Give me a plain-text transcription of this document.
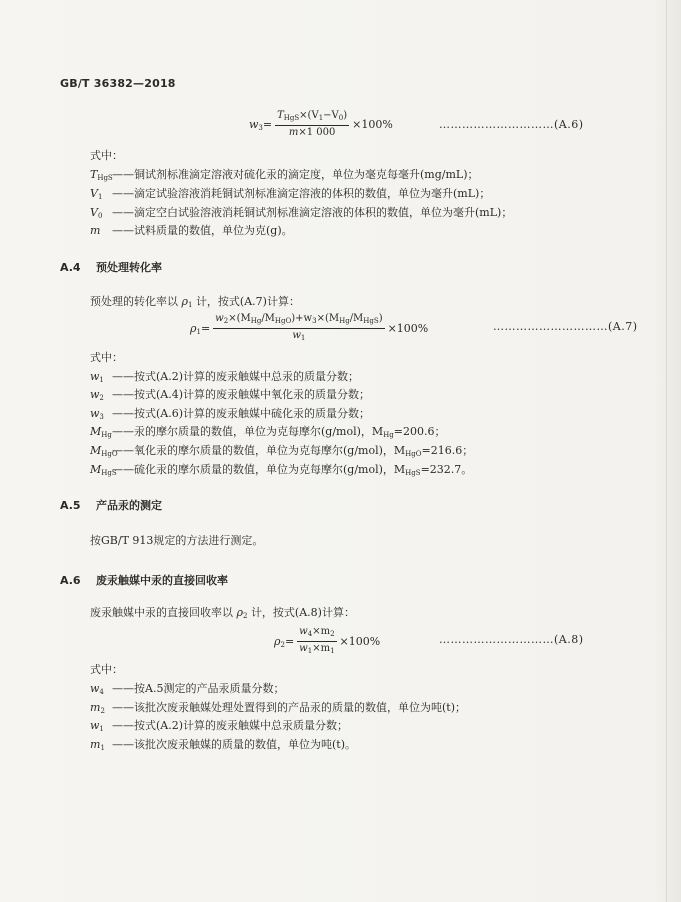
GB/T 36382—2018
$w_3= \frac{T_{HgS}\times(V_1-V_0)}{m\times 1 000} \times 100\%$	…………………………(A.6)
式中：
$T_{HgS}——$铜试剂标准滴定溶液对硫化汞的滴定度，单位为毫克每毫升(mg/mL)；
$V_1$ ——滴定试验溶液消耗铜试剂标准滴定溶液的体积的数值，单位为毫升(mL)；
$V_0$ ——滴定空白试验溶液消耗铜试剂标准滴定溶液的体积的数值，单位为毫升(mL)；
m ——试料质量的数值，单位为克(g)。
A.4 预处理转化率
预处理的转化率以 $\rho_1$ 计，按式(A.7)计算：
$\rho_1= \frac{w_2\times(M_{Hg}/M_{HgO})+w_3\times(M_{Hg}/M_{HgS})}{w_1} \times 100\%$	…………………………(A.7)
式中：
$w_1$ ——按式(A.2)计算的废汞触媒中总汞的质量分数；
$w_2$ ——按式(A.4)计算的废汞触媒中氧化汞的质量分数；
$w_3$ ——按式(A.6)计算的废汞触媒中硫化汞的质量分数；
$M_{Hg}——$汞的摩尔质量的数值，单位为克每摩尔(g/mol)，$M_{Hg}=200.6$；
$M_{HgO}——$氧化汞的摩尔质量的数值，单位为克每摩尔(g/mol)，$M_{HgO}=216.6$；
$M_{HgS}——$硫化汞的摩尔质量的数值，单位为克每摩尔(g/mol)，$M_{HgS}=232.7$。
A.5 产品汞的测定
按GB/T 913规定的方法进行测定。
A.6 废汞触媒中汞的直接回收率
废汞触媒中汞的直接回收率以 $\rho_2$ 计，按式(A.8)计算：
$\rho_2= \frac{w_4\times m_2}{w_1\times m_1} \times 100\%$	…………………………(A.8)
式中：
$w_4$ ——按A.5测定的产品汞质量分数；
$m_2$ ——该批次废汞触媒处理处置得到的产品汞的质量的数值，单位为吨(t)；
$w_1$ ——按式(A.2)计算的废汞触媒中总汞质量分数；
$m_1$ ——该批次废汞触媒的质量的数值，单位为吨(t)。
